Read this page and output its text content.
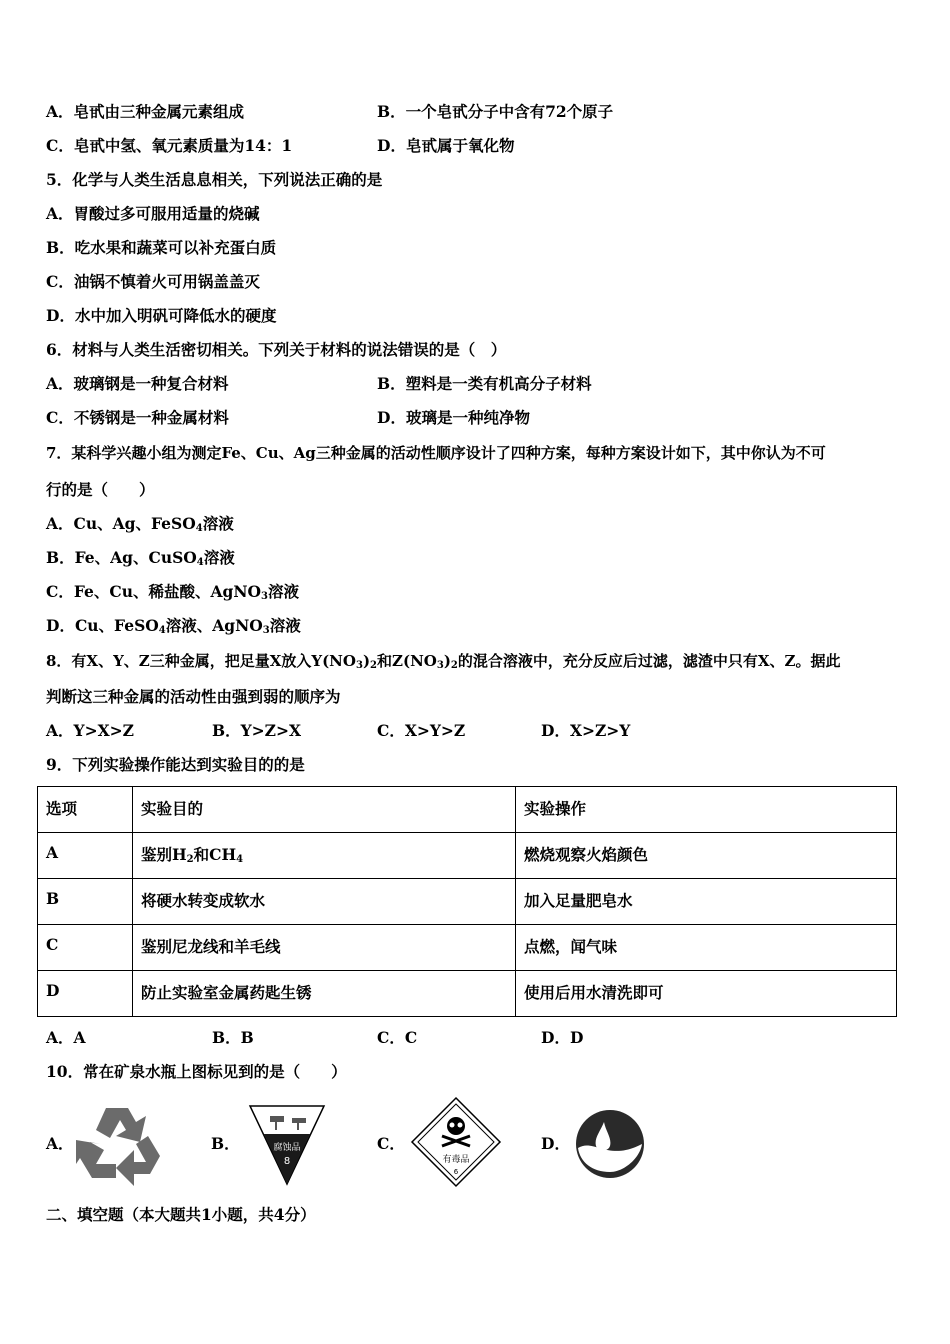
A．皂甙由三种金属元素组成	B．一个皂甙分子中含有72个原子
C．皂甙中氢、氧元素质量为14：1	D．皂甙属于氧化物
5．化学与人类生活息息相关，下列说法正确的是
A．胃酸过多可服用适量的烧碱
B．吃水果和蔬菜可以补充蛋白质
C．油锅不慎着火可用锅盖盖灭
D．水中加入明矾可降低水的硬度
6．材料与人类生活密切相关。下列关于材料的说法错误的是（　）
A．玻璃钢是一种复合材料	B．塑料是一类有机高分子材料
C．不锈钢是一种金属材料	D．玻璃是一种纯净物
7．某科学兴趣小组为测定Fe、Cu、Ag三种金属的活动性顺序设计了四种方案，每种方案设计如下，其中你认为不可
行的是（　　）
A．Cu、Ag、FeSO$_4$溶液
B．Fe、Ag、CuSO$_4$溶液
C．Fe、Cu、稀盐酸、AgNO$_3$溶液
D．Cu、FeSO$_4$溶液、AgNO$_3$溶液
8．有X、Y、Z三种金属，把足量X放入$Y(NO_3)_2$和$Z(NO_3)_2$的混合溶液中，充分反应后过滤，滤渣中只有X、Z。据此
判断这三种金属的活动性由强到弱的顺序为
A．Y>X>Z	B．Y>Z>X	C．X>Y>Z	D．X>Z>Y
9．下列实验操作能达到实验目的的是
选项	实验目的	实验操作
A	鉴别$H_2$和$CH_4$	燃烧观察火焰颜色
B	将硬水转变成软水	加入足量肥皂水
C	鉴别尼龙线和羊毛线	点燃，闻气味
D	防止实验室金属药匙生锈	使用后用水清洗即可
A．A	B．B	C．C	D．D
10．常在矿泉水瓶上图标见到的是（　　）
A．	B．	腐蚀品
8
C．
有毒品
6
D．
二、填空题（本大题共1小题，共4分）
